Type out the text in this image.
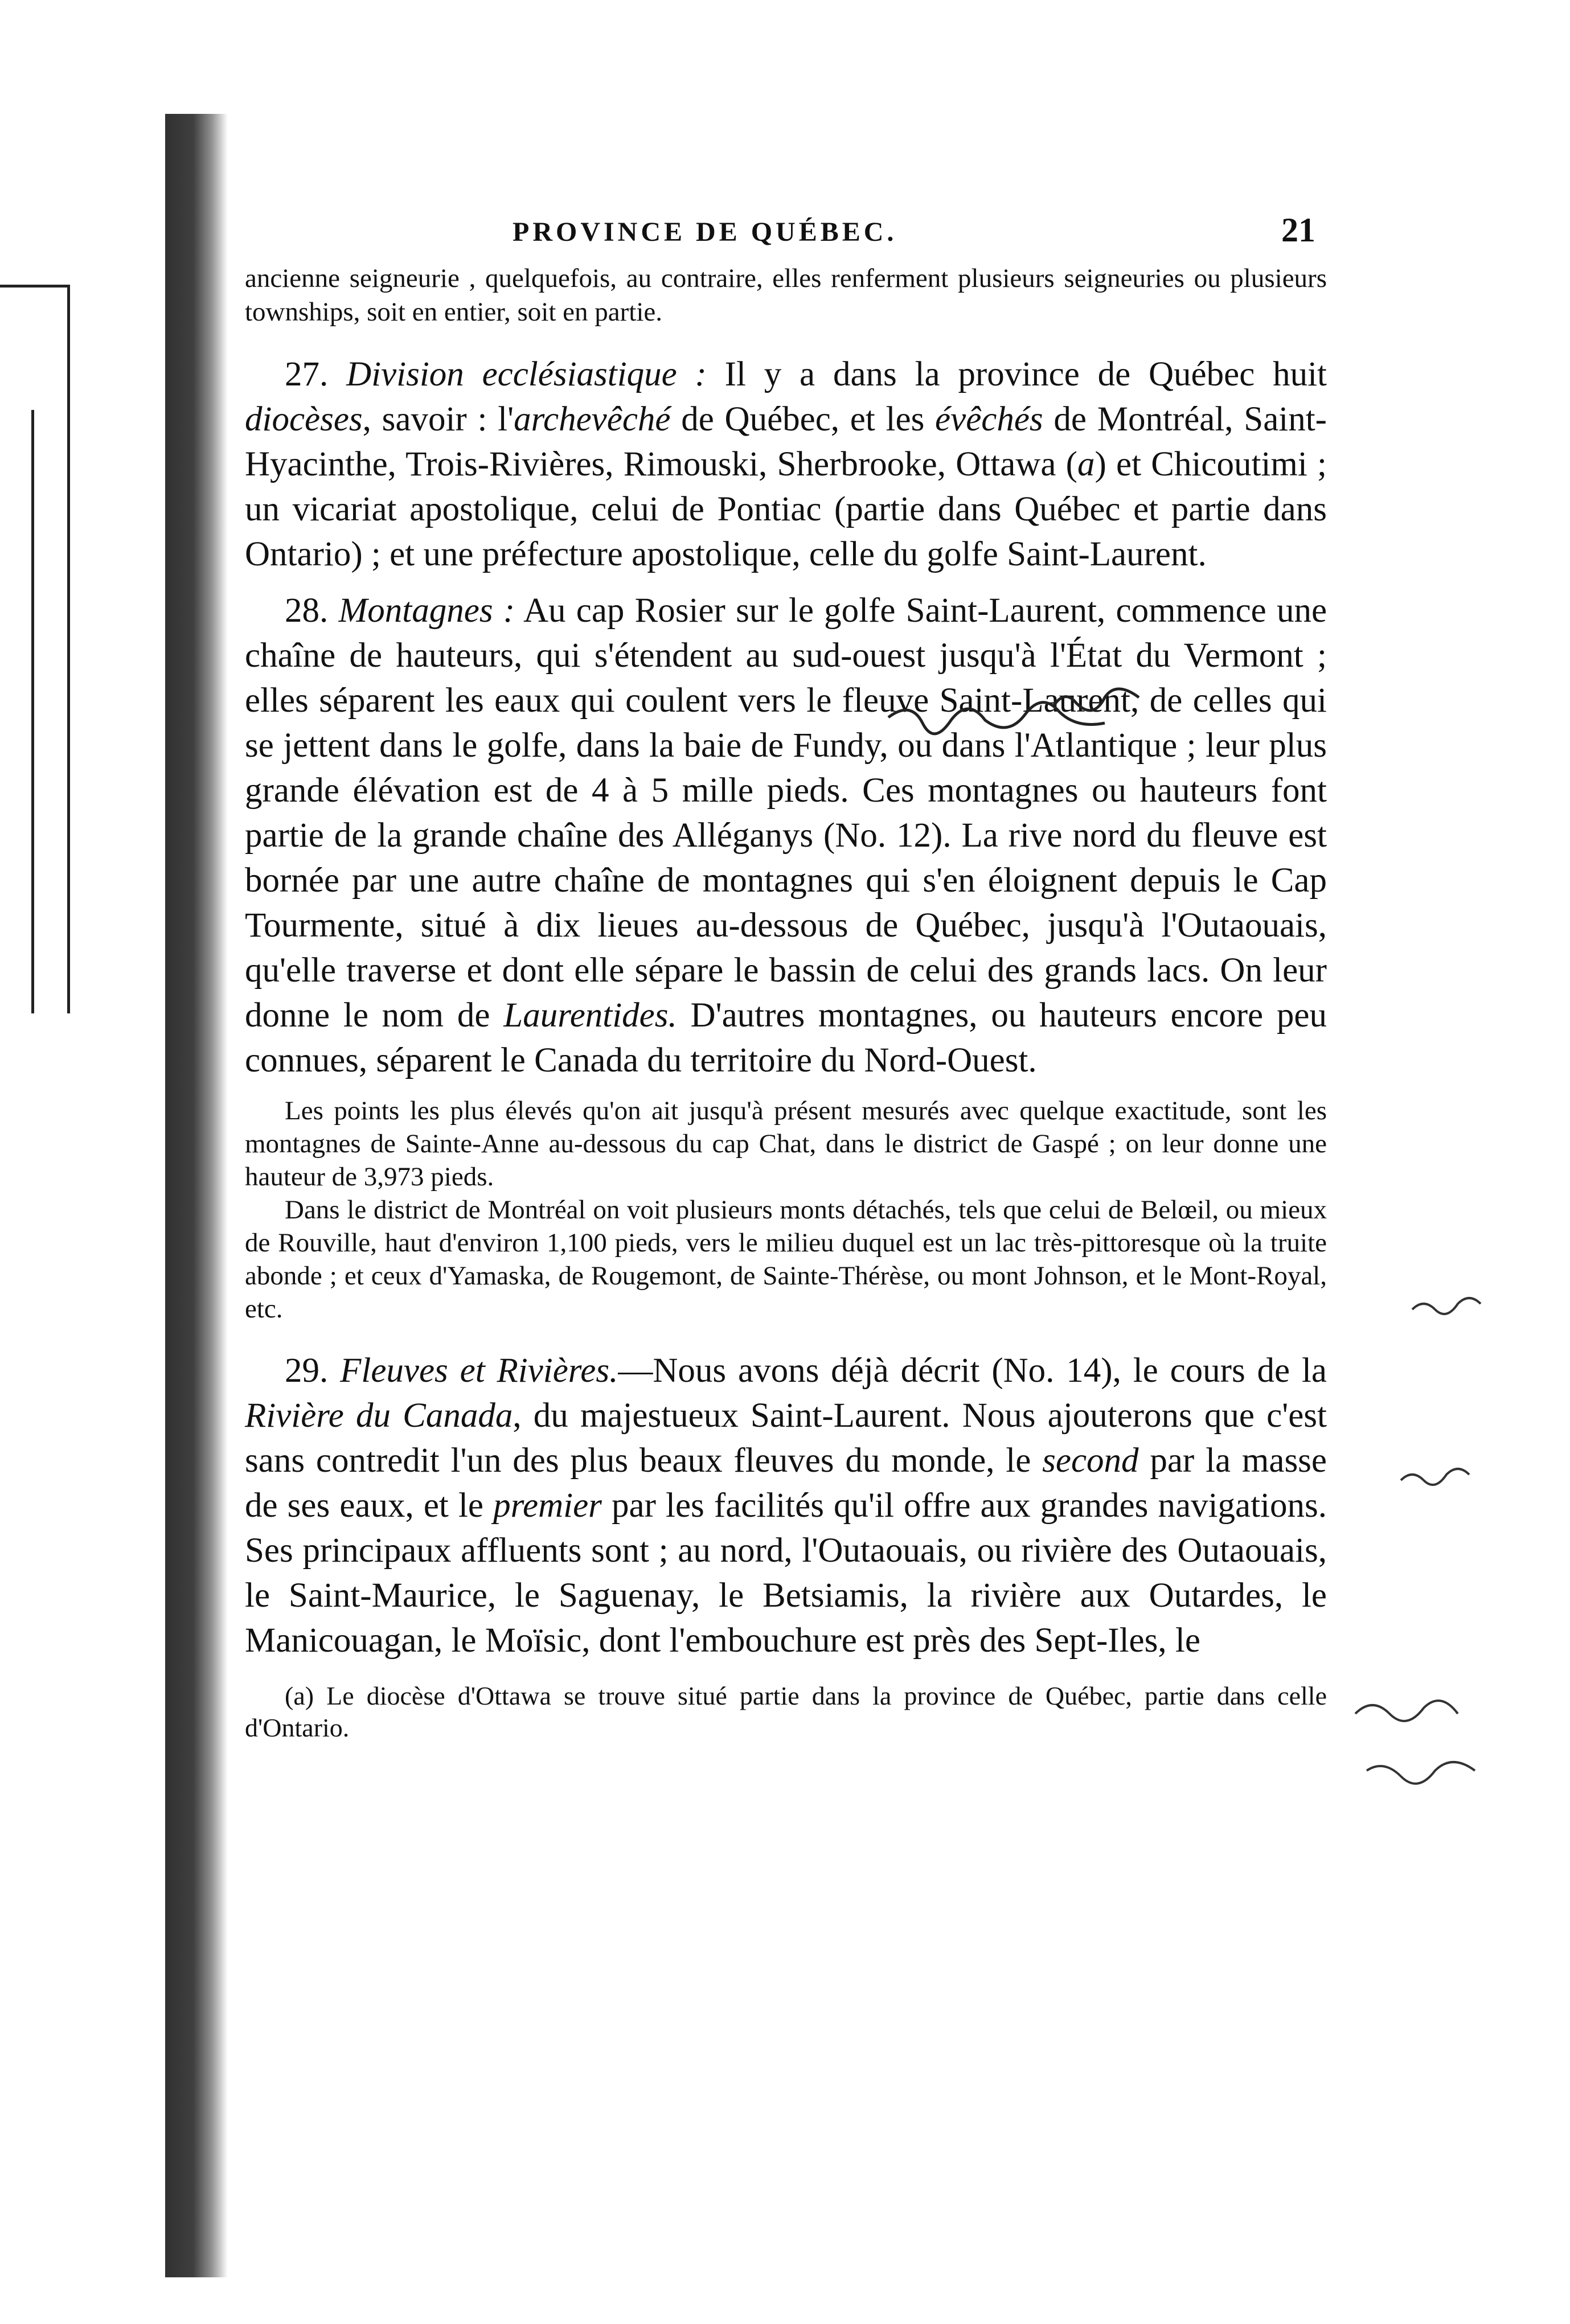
PROVINCE DE QUÉBEC.	21

ancienne seigneurie , quelquefois, au contraire, elles renferment plusieurs seigneuries ou plusieurs townships, soit en entier, soit en partie.

27. Division ecclésiastique : Il y a dans la province de Québec huit diocèses, savoir : l'archevêché de Québec, et les évêchés de Montréal, Saint-Hyacinthe, Trois-Rivières, Rimouski, Sherbrooke, Ottawa (a) et Chicoutimi ; un vicariat apostolique, celui de Pontiac (partie dans Québec et partie dans Ontario) ; et une préfecture apostolique, celle du golfe Saint-Laurent.

28. Montagnes : Au cap Rosier sur le golfe Saint-Laurent, commence une chaîne de hauteurs, qui s'étendent au sud-ouest jusqu'à l'État du Vermont ; elles séparent les eaux qui coulent vers le fleuve Saint-Laurent, de celles qui se jettent dans le golfe, dans la baie de Fundy, ou dans l'Atlantique ; leur plus grande élévation est de 4 à 5 mille pieds. Ces montagnes ou hauteurs font partie de la grande chaîne des Alléganys (No. 12). La rive nord du fleuve est bornée par une autre chaîne de montagnes qui s'en éloignent depuis le Cap Tourmente, situé à dix lieues au-dessous de Québec, jusqu'à l'Outaouais, qu'elle traverse et dont elle sépare le bassin de celui des grands lacs. On leur donne le nom de Laurentides. D'autres montagnes, ou hauteurs encore peu connues, séparent le Canada du territoire du Nord-Ouest.

Les points les plus élevés qu'on ait jusqu'à présent mesurés avec quelque exactitude, sont les montagnes de Sainte-Anne au-dessous du cap Chat, dans le district de Gaspé ; on leur donne une hauteur de 3,973 pieds.

Dans le district de Montréal on voit plusieurs monts détachés, tels que celui de Belœil, ou mieux de Rouville, haut d'environ 1,100 pieds, vers le milieu duquel est un lac très-pittoresque où la truite abonde ; et ceux d'Yamaska, de Rougemont, de Sainte-Thérèse, ou mont Johnson, et le Mont-Royal, etc.

29. Fleuves et Rivières.—Nous avons déjà décrit (No. 14), le cours de la Rivière du Canada, du majestueux Saint-Laurent. Nous ajouterons que c'est sans contredit l'un des plus beaux fleuves du monde, le second par la masse de ses eaux, et le premier par les facilités qu'il offre aux grandes navigations. Ses principaux affluents sont ; au nord, l'Outaouais, ou rivière des Outaouais, le Saint-Maurice, le Saguenay, le Betsiamis, la rivière aux Outardes, le Manicouagan, le Moïsic, dont l'embouchure est près des Sept-Iles, le

(a) Le diocèse d'Ottawa se trouve situé partie dans la province de Québec, partie dans celle d'Ontario.
